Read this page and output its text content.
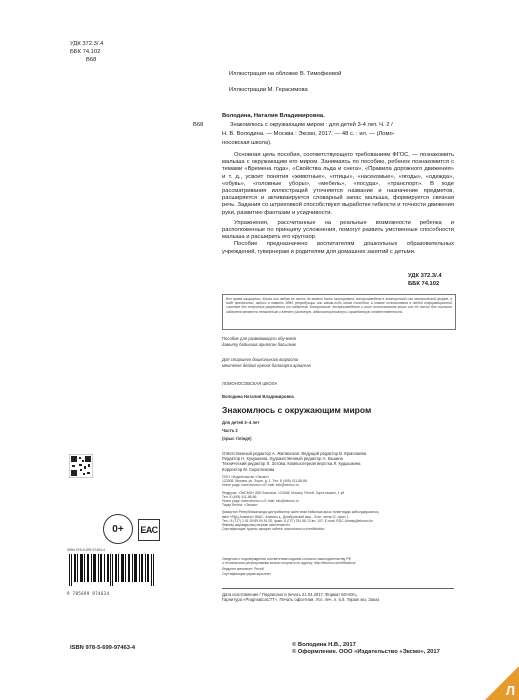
УДК 372.3/.4
ББК 74.102
В68
Иллюстрация на обложке В. Тимофеевой
Иллюстрации М. Герасимова
В68
Володина, Наталия Владимировна.
Знакомлюсь с окружающим миром : для детей 3-4 лет. Ч. 2 /
Н. В. Володина. — Москва : Эксмо, 2017. — 48 с. : ил. — (Ломо-
носовская школа).

Основная цель пособия, соответствующего требованиям ФГОС, — познакомить малыша с окружающим его миром. Занимаясь по пособию, ребенок познакомится с темами «Времена года», «Свойства льда и снега», «Правила дорожного движения» и т. д., усвоит понятия «животные», «птицы», «насекомые», «ягоды», «одежда», «обувь», «головные уборы», «мебель», «посуда», «транспорт». В ходе рассматривания иллюстраций уточняется название и назначение предметов, расширяется и активизируется словарный запас малыша, формируется связная речь. Задания со штриховкой способствуют выработке гибкости и точности движения руки, развитию фантазии и усидчивости.

Упражнения, рассчитанные на реальные возможности ребенка и расположенные по принципу усложнения, помогут развить умственные способности малыша и расширить его кругозор.

Пособие предназначено воспитателям дошкольных образовательных учреждений, гувернерам и родителям для домашних занятий с детьми.

УДК 372.3/.4
ББК 74.102
Все права защищены. Книга или любая ее часть не может быть скопирована, воспроизведена в электронной или механической форме, в виде фотокопии, записи в память ЭВМ, репродукции или каким-либо иным способом, а также использована в любой информационной системе без получения разрешения от издателя. Копирование, воспроизведение и иное использование книги или ее части без согласия издателя является незаконным и влечет уголовную, административную и гражданскую ответственность.
Пособие для развивающего обучения
дамыту бойынша арналған басылым
Для старшего дошкольного возраста
мектепке дейінгі ересек балаларға арналған
ЛОМОНОСОВСКАЯ ШКОЛА
Володина Наталия Владимировна
Знакомлюсь с окружающим миром
Для детей 3–4 лет
Часть 2
(орыс тілінде)
Ответственный редактор А. Жилинская. Ведущий редактор В. Ермолаева
Редактор Н. Кукушкина. Художественный редактор А. Кашина
Технический редактор Л. Зотова. Компьютерная верстка Л. Кудышкина
Корректор М. Сиротникова
ООО «Издательство «Эксмо»
123308, Москва, ул. Зорге, д. 1. Тел. 8 (495) 411-68-86.
Home page: www.eksmo.ru E-mail: info@eksmo.ru
Өндіруші: «ЭКСМО» АҚБ Баспасы, 123308, Мәскеу, Ресей, Зорге көшесі, 1 үй.
Тел. 8 (495) 411-68-86.
Home page: www.eksmo.ru E-mail: info@eksmo.ru
Тауар белгісі: «Эксмо»
Қазақстан Республикасында дистрибьютор және өнім бойынша арыз-талаптарды қабылдаушының
өкілі «РДЦ-Алматы» ЖШС, Алматы қ., Домбровский көш., 3«а», литер Б, офис 1.
Тел.: 8 (727) 2 51 59 89,90,91,92, факс: 8 (727) 251 58 12 вн. 107; E-mail: RDC-Almaty@eksmo.kz
Өнімнің жарамдылық мерзімі шектелмеген.
Сертификация туралы ақпарат сайтта: www.eksmo.ru/certification
Сведения о подтверждении соответствия издания согласно законодательству РФ
о техническом регулировании можно получить по адресу: http://eksmo.ru/certification/
Өндірген мемлекет: Ресей
Сертификация қарастырылған
Дата изготовления / Подписано в печать 21.04.2017. Формат 60×84¹⁄₈.
Гарнитура «PragmaticaCTT». Печать офсетная. Усл. печ. л. 5,6. Тираж экз. Заказ
0+ ЕАС
ISBN 978-5-699-97463-4
9 785699 974634
ISBN 978-5-699-97463-4	© Володина Н.В., 2017
© Оформление. ООО «Издательство «Эксмо», 2017
Л
